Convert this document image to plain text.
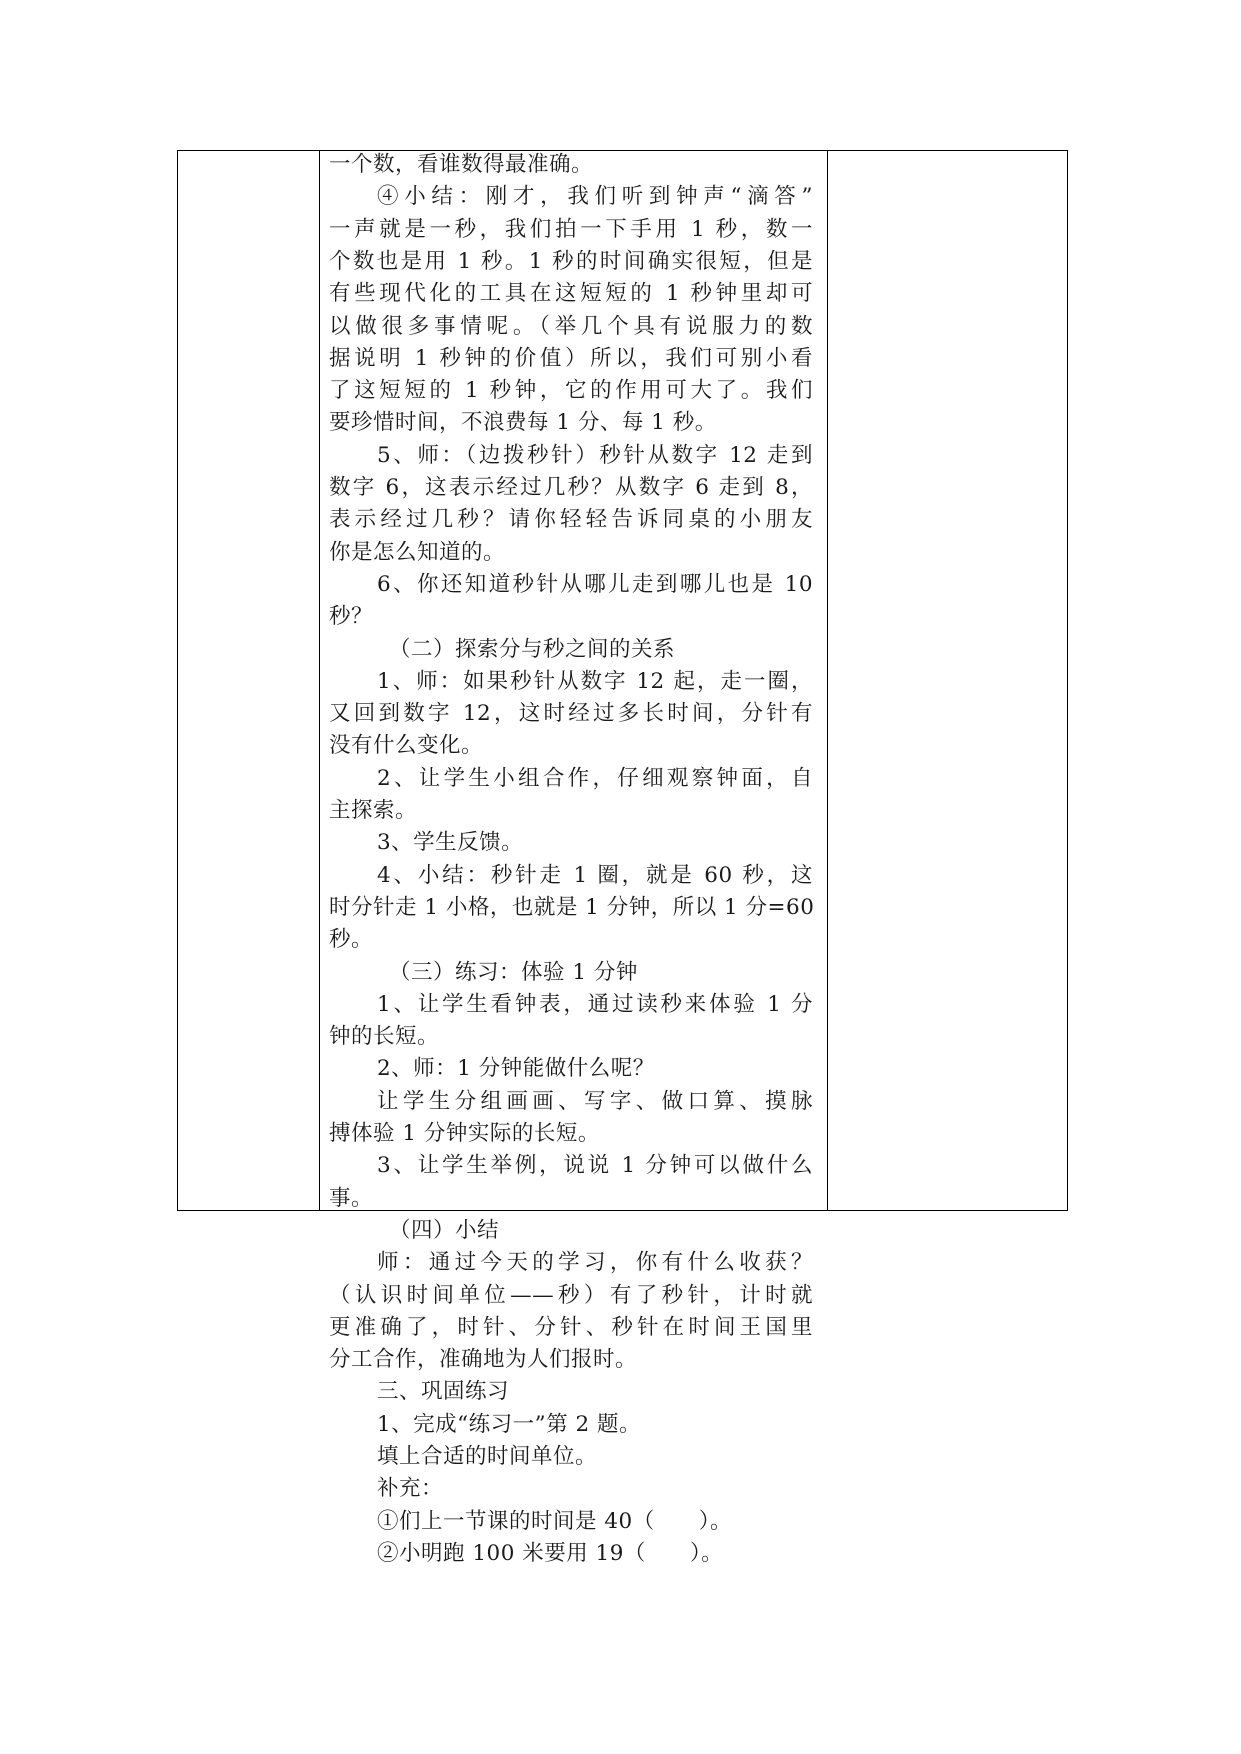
一个数，看谁数得最准确。
④小结：刚才，我们听到钟声“滴答”
一声就是一秒，我们拍一下手用 1 秒，数一
个数也是用 1 秒。1 秒的时间确实很短，但是
有些现代化的工具在这短短的 1 秒钟里却可
以做很多事情呢。（举几个具有说服力的数
据说明 1 秒钟的价值）所以，我们可别小看
了这短短的 1 秒钟，它的作用可大了。我们
要珍惜时间，不浪费每 1 分、每 1 秒。
5、师：（边拨秒针）秒针从数字 12 走到
数字 6，这表示经过几秒？从数字 6 走到 8，
表示经过几秒？请你轻轻告诉同桌的小朋友
你是怎么知道的。
6、你还知道秒针从哪儿走到哪儿也是 10
秒？
（二）探索分与秒之间的关系
1、师：如果秒针从数字 12 起，走一圈，
又回到数字 12，这时经过多长时间，分针有
没有什么变化。
2、让学生小组合作，仔细观察钟面，自
主探索。
3、学生反馈。
4、小结：秒针走 1 圈，就是 60 秒，这
时分针走 1 小格，也就是 1 分钟，所以 1 分=60
秒。
（三）练习：体验 1 分钟
1、让学生看钟表，通过读秒来体验 1 分
钟的长短。
2、师：1 分钟能做什么呢？
让学生分组画画、写字、做口算、摸脉
搏体验 1 分钟实际的长短。
3、让学生举例，说说 1 分钟可以做什么
事。
（四）小结
师：通过今天的学习，你有什么收获？
（认识时间单位——秒）有了秒针，计时就
更准确了，时针、分针、秒针在时间王国里
分工合作，准确地为人们报时。
三、巩固练习
1、完成“练习一”第 2 题。
填上合适的时间单位。
补充：
①们上一节课的时间是 40（　　）。
②小明跑 100 米要用 19（　　）。
